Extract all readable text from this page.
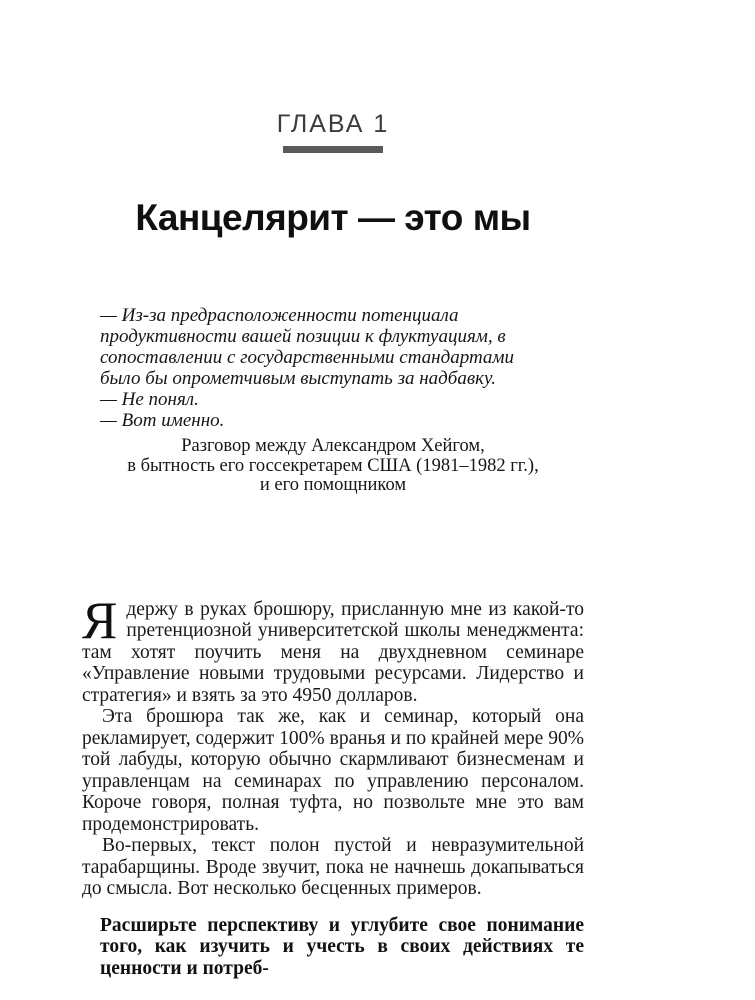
ГЛАВА 1
Канцелярит — это мы

— Из-за предрасположенности потенциала продуктивности вашей позиции к флуктуациям, в сопоставлении с государственными стандартами было бы опрометчивым выступать за надбавку.

— Не понял.

— Вот именно.

Разговор между Александром Хейгом,
в бытность его госсекретарем США (1981–1982 гг.),
и его помощником

Ядержу в руках брошюру, присланную мне из какой-то претенциозной университетской школы менеджмента: там хотят поучить меня на двухдневном семинаре «Управление новыми трудовыми ресурсами. Лидерство и стратегия» и взять за это 4950 долларов.

Эта брошюра так же, как и семинар, который она рекламирует, содержит 100% вранья и по крайней мере 90% той лабуды, которую обычно скармливают бизнесменам и управленцам на семинарах по управлению персоналом. Короче говоря, полная туфта, но позвольте мне это вам продемонстрировать.

Во-первых, текст полон пустой и невразумительной тарабарщины. Вроде звучит, пока не начнешь докапываться до смысла. Вот несколько бесценных примеров.

Расширьте перспективу и углубите свое понимание того, как изучить и учесть в своих действиях те ценности и потреб-
